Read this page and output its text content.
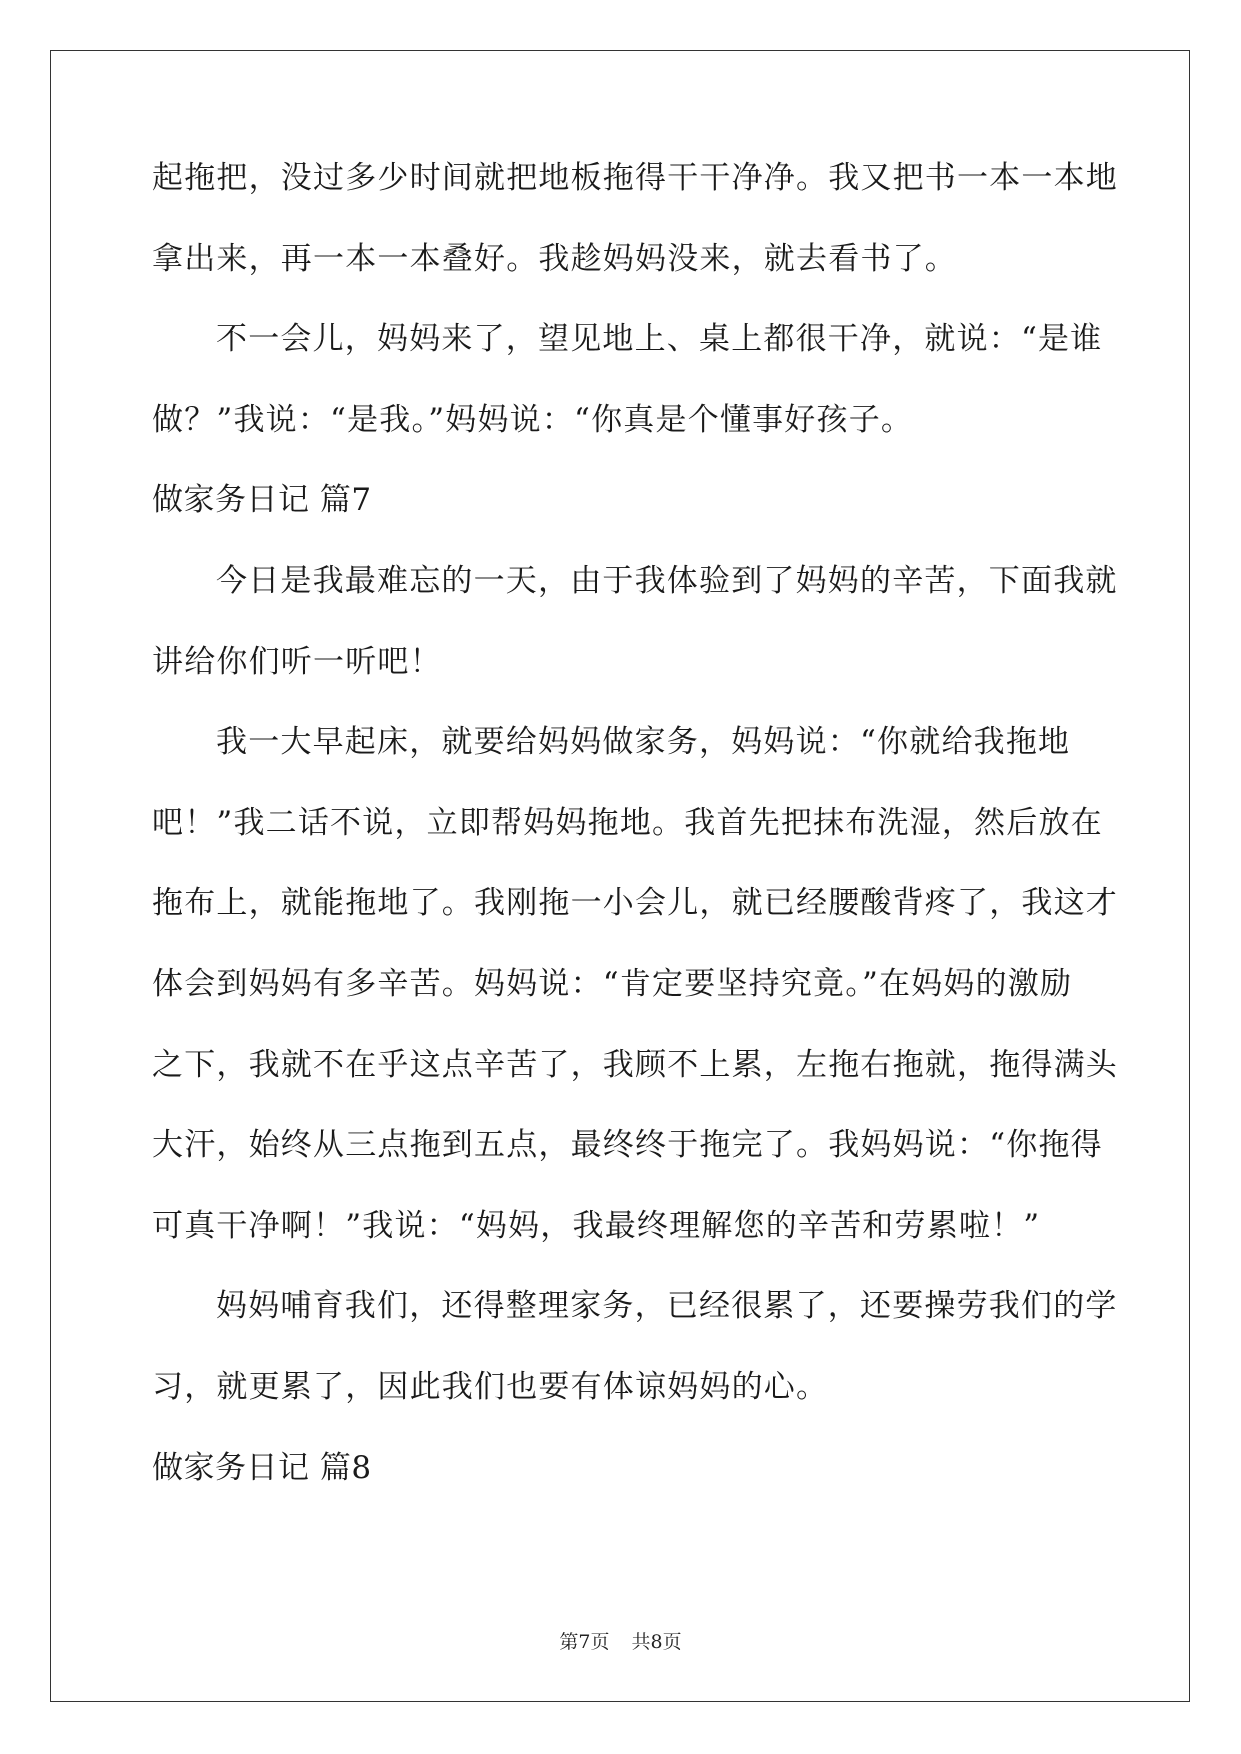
起拖把，没过多少时间就把地板拖得干干净净。我又把书一本一本地
拿出来，再一本一本叠好。我趁妈妈没来，就去看书了。
不一会儿，妈妈来了，望见地上、桌上都很干净，就说：“是谁
做？”我说：“是我。”妈妈说：“你真是个懂事好孩子。
做家务日记 篇7
今日是我最难忘的一天，由于我体验到了妈妈的辛苦，下面我就
讲给你们听一听吧！
我一大早起床，就要给妈妈做家务，妈妈说：“你就给我拖地
吧！”我二话不说，立即帮妈妈拖地。我首先把抹布洗湿，然后放在
拖布上，就能拖地了。我刚拖一小会儿，就已经腰酸背疼了，我这才
体会到妈妈有多辛苦。妈妈说：“肯定要坚持究竟。”在妈妈的激励
之下，我就不在乎这点辛苦了，我顾不上累，左拖右拖就，拖得满头
大汗，始终从三点拖到五点，最终终于拖完了。我妈妈说：“你拖得
可真干净啊！”我说：“妈妈，我最终理解您的辛苦和劳累啦！”
妈妈哺育我们，还得整理家务，已经很累了，还要操劳我们的学
习，就更累了，因此我们也要有体谅妈妈的心。
做家务日记 篇8
第7页 共8页
